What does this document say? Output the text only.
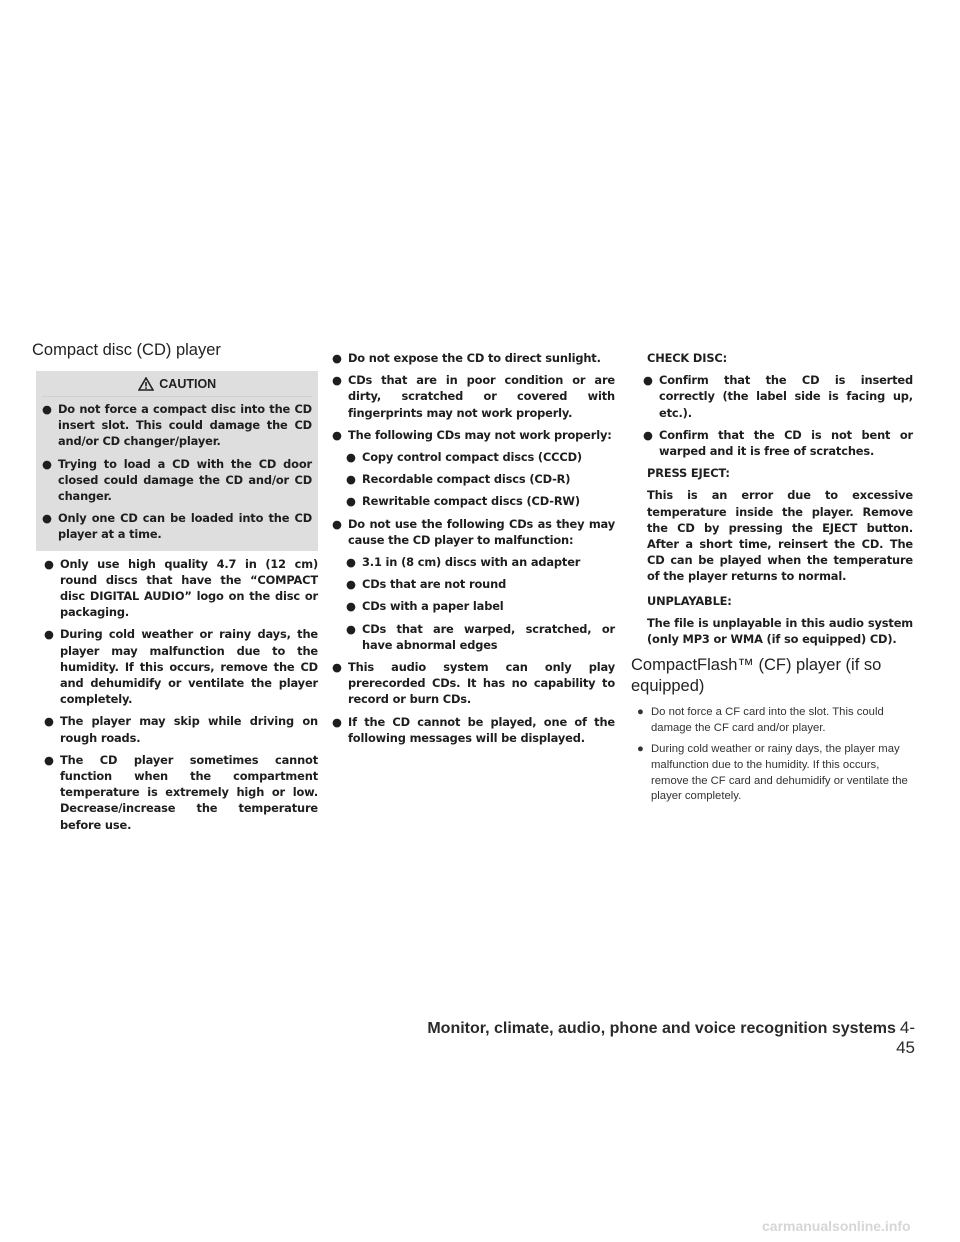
Compact disc (CD) player
CAUTION
● Do not force a compact disc into the CD insert slot. This could damage the CD and/or CD changer/player.
● Trying to load a CD with the CD door closed could damage the CD and/or CD changer.
● Only one CD can be loaded into the CD player at a time.
● Only use high quality 4.7 in (12 cm) round discs that have the “COMPACT disc DIGITAL AUDIO” logo on the disc or packaging.
● During cold weather or rainy days, the player may malfunction due to the humidity. If this occurs, remove the CD and dehumidify or ventilate the player completely.
● The player may skip while driving on rough roads.
● The CD player sometimes cannot function when the compartment temperature is extremely high or low. Decrease/increase the temperature before use.
● Do not expose the CD to direct sunlight.
● CDs that are in poor condition or are dirty, scratched or covered with fingerprints may not work properly.
● The following CDs may not work properly:
● Copy control compact discs (CCCD)
● Recordable compact discs (CD-R)
● Rewritable compact discs (CD-RW)
● Do not use the following CDs as they may cause the CD player to malfunction:
● 3.1 in (8 cm) discs with an adapter
● CDs that are not round
● CDs with a paper label
● CDs that are warped, scratched, or have abnormal edges
● This audio system can only play prerecorded CDs. It has no capability to record or burn CDs.
● If the CD cannot be played, one of the following messages will be displayed.
CHECK DISC:
● Confirm that the CD is inserted correctly (the label side is facing up, etc.).
● Confirm that the CD is not bent or warped and it is free of scratches.
PRESS EJECT:
This is an error due to excessive temperature inside the player. Remove the CD by pressing the EJECT button. After a short time, reinsert the CD. The CD can be played when the temperature of the player returns to normal.
UNPLAYABLE:
The file is unplayable in this audio system (only MP3 or WMA (if so equipped) CD).
CompactFlash™ (CF) player (if so equipped)
● Do not force a CF card into the slot. This could damage the CF card and/or player.
● During cold weather or rainy days, the player may malfunction due to the humidity. If this occurs, remove the CF card and dehumidify or ventilate the player completely.
Monitor, climate, audio, phone and voice recognition systems 4-45
carmanualsonline.info
